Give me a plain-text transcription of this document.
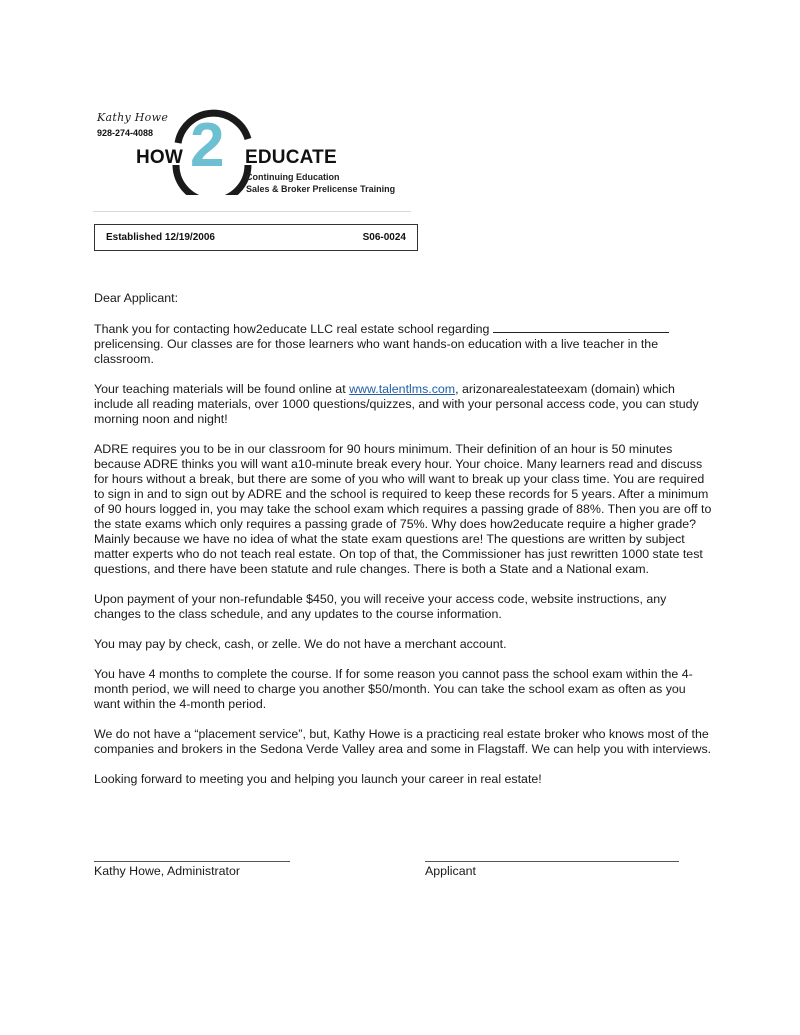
Kathy Howe
928-274-4088
HOW 2 EDUCATE
Continuing Education
Sales & Broker Prelicense Training
Established 12/19/2006	S06-0024

Dear Applicant:

Thank you for contacting how2educate LLC real estate school regarding  prelicensing. Our classes are for those learners who want hands-on education with a live teacher in the classroom.

Your teaching materials will be found online at www.talentlms.com, arizonarealestateexam (domain) which include all reading materials, over 1000 questions/quizzes, and with your personal access code, you can study morning noon and night!

ADRE requires you to be in our classroom for 90 hours minimum. Their definition of an hour is 50 minutes because ADRE thinks you will want a10-minute break every hour. Your choice. Many learners read and discuss for hours without a break, but there are some of you who will want to break up your class time. You are required to sign in and to sign out by ADRE and the school is required to keep these records for 5 years. After a minimum of 90 hours logged in, you may take the school exam which requires a passing grade of 88%. Then you are off to the state exams which only requires a passing grade of 75%. Why does how2educate require a higher grade? Mainly because we have no idea of what the state exam questions are! The questions are written by subject matter experts who do not teach real estate. On top of that, the Commissioner has just rewritten 1000 state test questions, and there have been statute and rule changes. There is both a State and a National exam.

Upon payment of your non-refundable $450, you will receive your access code, website instructions, any changes to the class schedule, and any updates to the course information.

You may pay by check, cash, or zelle. We do not have a merchant account.

You have 4 months to complete the course. If for some reason you cannot pass the school exam within the 4-month period, we will need to charge you another $50/month. You can take the school exam as often as you want within the 4-month period.

We do not have a “placement service”, but, Kathy Howe is a practicing real estate broker who knows most of the companies and brokers in the Sedona Verde Valley area and some in Flagstaff. We can help you with interviews.

Looking forward to meeting you and helping you launch your career in real estate!

Kathy Howe, Administrator	Applicant
